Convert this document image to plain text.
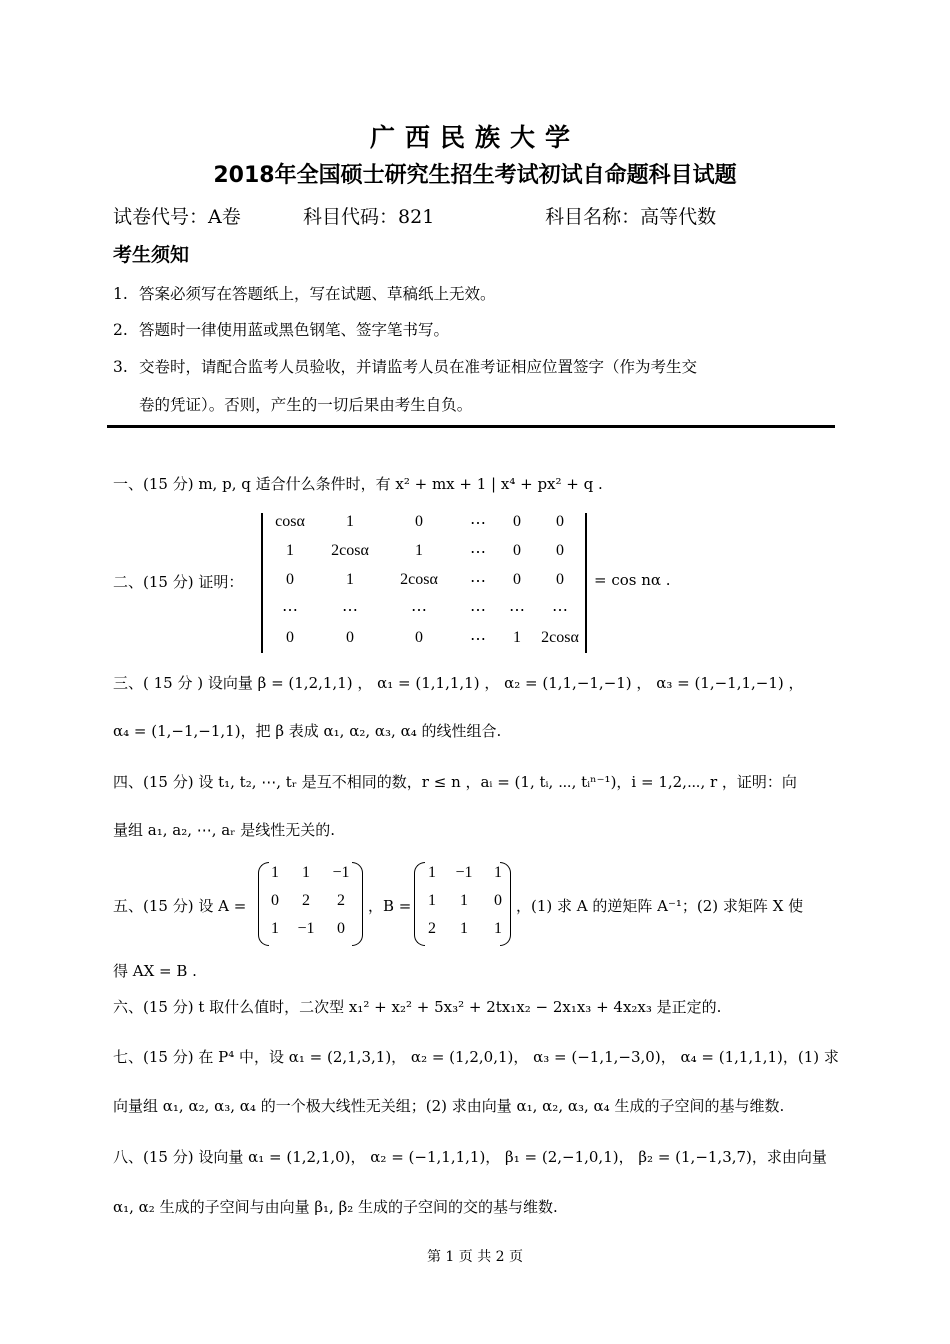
广西民族大学
2018年全国硕士研究生招生考试初试自命题科目试题
试卷代号：A卷	科目代码：821	科目名称：高等代数
考生须知
1. 答案必须写在答题纸上，写在试题、草稿纸上无效。
2. 答题时一律使用蓝或黑色钢笔、签字笔书写。
3. 交卷时，请配合监考人员验收，并请监考人员在准考证相应位置签字（作为考生交
卷的凭证）。否则，产生的一切后果由考生自负。
一、(15 分) m, p, q 适合什么条件时，有 x² + mx + 1 | x⁴ + px² + q .
二、(15 分) 证明：
cosα	1	0	⋯	0	0
1	2cosα	1	⋯	0	0
0	1	2cosα	⋯	0	0
⋯	⋯	⋯	⋯	⋯	⋯
0	0	0	⋯	1	2cosα
= cos nα .
三、( 15 分 ) 设向量 β = (1,2,1,1) ， α₁ = (1,1,1,1) ， α₂ = (1,1,−1,−1) ， α₃ = (1,−1,1,−1) ，
α₄ = (1,−1,−1,1)，把 β 表成 α₁, α₂, α₃, α₄ 的线性组合.
四、(15 分) 设 t₁, t₂, ⋯, tᵣ 是互不相同的数，r ≤ n ，aᵢ = (1, tᵢ, ⋯, tᵢⁿ⁻¹)，i = 1,2,⋯, r ，证明：向
量组 a₁, a₂, ⋯, aᵣ 是线性无关的.
五、(15 分) 设 A =
1	1	−1
0	2	2
1	−1	0
，B =
1	−1	1
1	1	0
2	1	1
，(1) 求 A 的逆矩阵 A⁻¹；(2) 求矩阵 X 使
得 AX = B .
六、(15 分) t 取什么值时，二次型 x₁² + x₂² + 5x₃² + 2tx₁x₂ − 2x₁x₃ + 4x₂x₃ 是正定的.
七、(15 分) 在 P⁴ 中，设 α₁ = (2,1,3,1)， α₂ = (1,2,0,1)， α₃ = (−1,1,−3,0)， α₄ = (1,1,1,1)，(1) 求
向量组 α₁, α₂, α₃, α₄ 的一个极大线性无关组；(2) 求由向量 α₁, α₂, α₃, α₄ 生成的子空间的基与维数.
八、(15 分) 设向量 α₁ = (1,2,1,0)， α₂ = (−1,1,1,1)， β₁ = (2,−1,0,1)， β₂ = (1,−1,3,7)，求由向量
α₁, α₂ 生成的子空间与由向量 β₁, β₂ 生成的子空间的交的基与维数.
第 1 页 共 2 页
